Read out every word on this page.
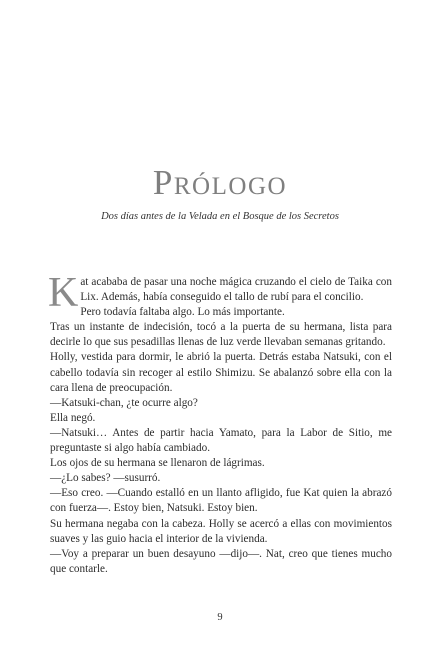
Prólogo
Dos días antes de la Velada en el Bosque de los Secretos

Kat acababa de pasar una noche mágica cruzando el cielo de Taika con Lix. Además, había conseguido el tallo de rubí para el concilio.

Pero todavía faltaba algo. Lo más importante.

Tras un instante de indecisión, tocó a la puerta de su hermana, lista para decirle lo que sus pesadillas llenas de luz verde llevaban semanas gritando.

Holly, vestida para dormir, le abrió la puerta. Detrás estaba Natsuki, con el cabello todavía sin recoger al estilo Shimizu. Se abalanzó sobre ella con la cara llena de preocupación.

—Katsuki-chan, ¿te ocurre algo?

Ella negó.

—Natsuki… Antes de partir hacia Yamato, para la Labor de Sitio, me preguntaste si algo había cambiado.

Los ojos de su hermana se llenaron de lágrimas.

—¿Lo sabes? —susurró.

—Eso creo. —Cuando estalló en un llanto afligido, fue Kat quien la abrazó con fuerza—. Estoy bien, Natsuki. Estoy bien.

Su hermana negaba con la cabeza. Holly se acercó a ellas con movimientos suaves y las guio hacia el interior de la vivienda.

—Voy a preparar un buen desayuno —dijo—. Nat, creo que tienes mucho que contarle.

9
